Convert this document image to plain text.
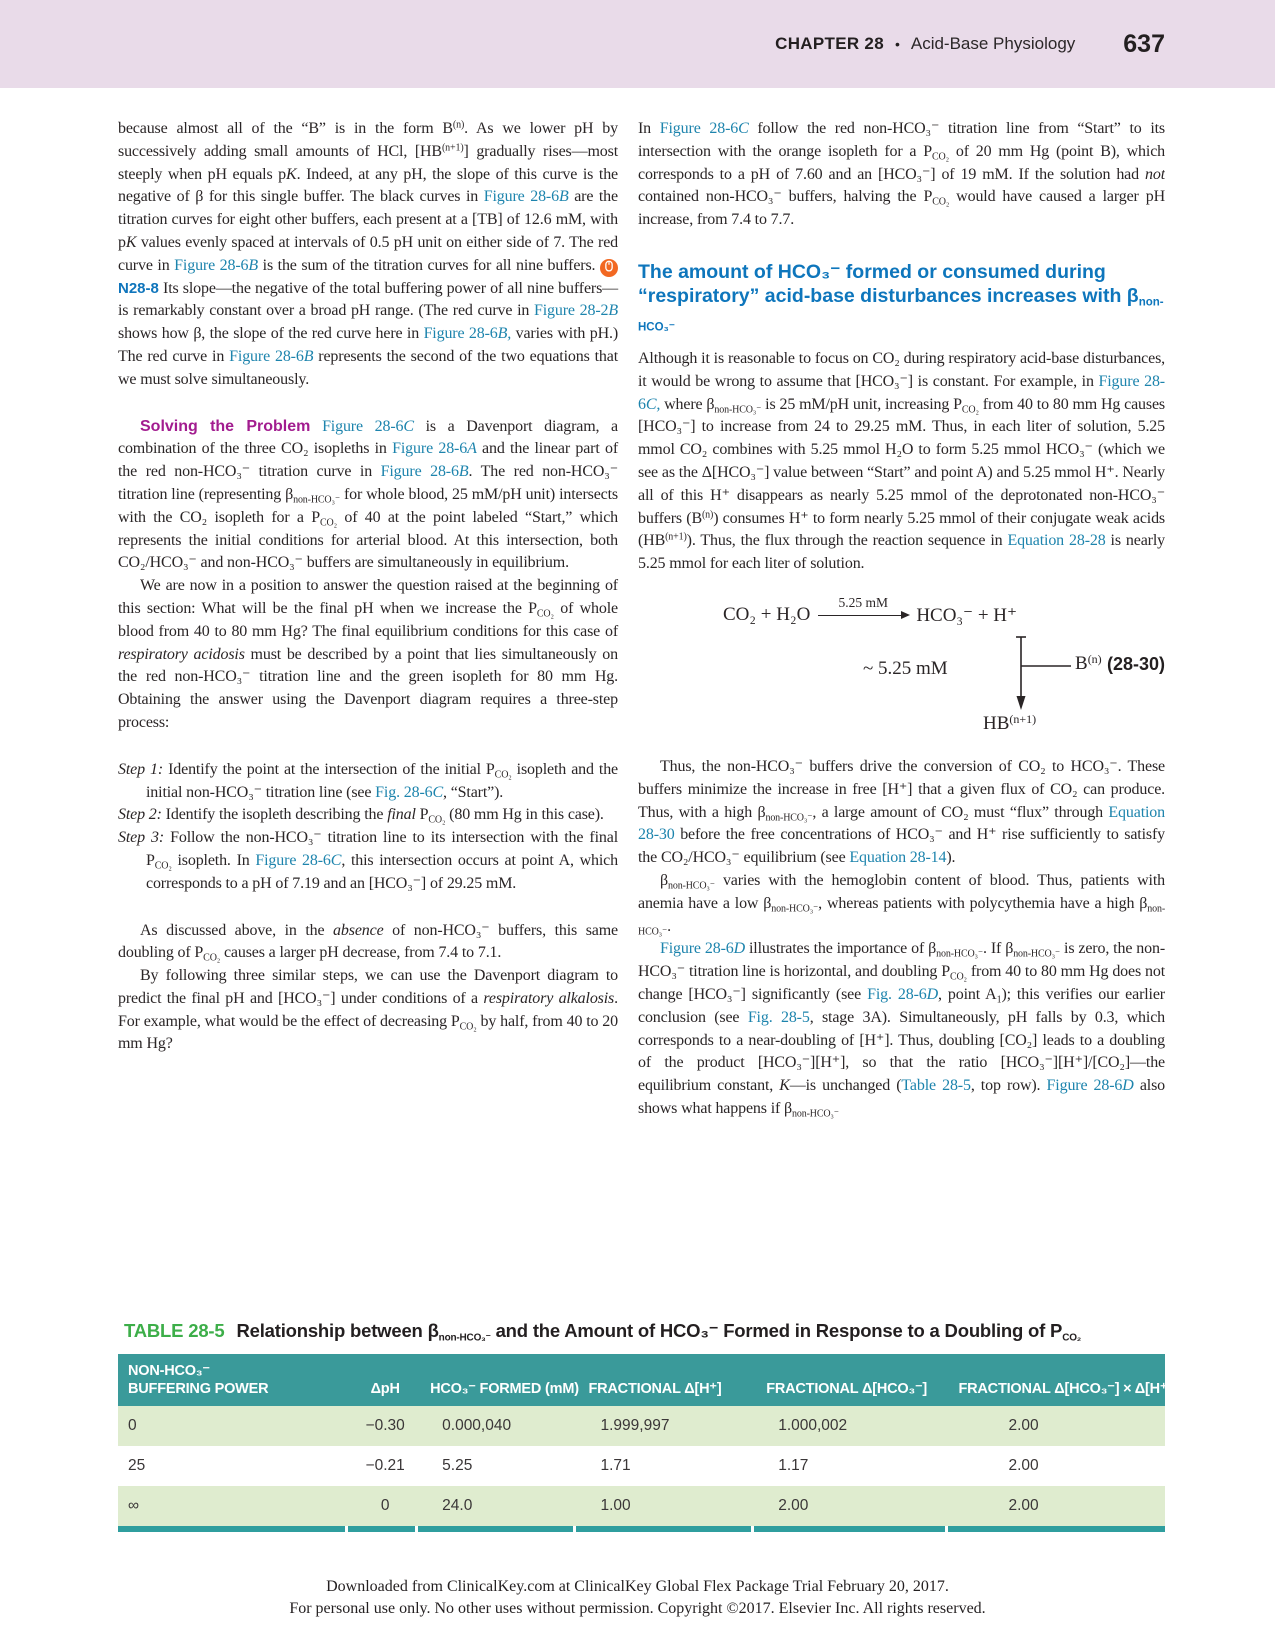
CHAPTER 28 • Acid-Base Physiology 637

because almost all of the “B” is in the form $B^{(n)}$. As we lower pH by successively adding small amounts of HCl, $[HB^{(n+1)}]$ gradually rises—most steeply when pH equals pK. Indeed, at any pH, the slope of this curve is the negative of β for this single buffer. The black curves in Figure 28-6B are the titration curves for eight other buffers, each present at a [TB] of 12.6 mM, with pK values evenly spaced at intervals of 0.5 pH unit on either side of 7. The red curve in Figure 28-6B is the sum of the titration curves for all nine buffers.  N28-8 Its slope—the negative of the total buffering power of all nine buffers—is remarkably constant over a broad pH range. (The red curve in Figure 28-2B shows how β, the slope of the red curve here in Figure 28-6B, varies with pH.) The red curve in Figure 28-6B represents the second of the two equations that we must solve simultaneously.

Solving the Problem Figure 28-6C is a Davenport diagram, a combination of the three CO₂ isopleths in Figure 28-6A and the linear part of the red non-HCO₃⁻ titration curve in Figure 28-6B. The red non-HCO₃⁻ titration line (representing $\beta_{non-HCO_3^-}$ for whole blood, 25 mM/pH unit) intersects with the CO₂ isopleth for a $P_{CO_2}$ of 40 at the point labeled “Start,” which represents the initial conditions for arterial blood. At this intersection, both CO₂/HCO₃⁻ and non-HCO₃⁻ buffers are simultaneously in equilibrium.

We are now in a position to answer the question raised at the beginning of this section: What will be the final pH when we increase the $P_{CO_2}$ of whole blood from 40 to 80 mm Hg? The final equilibrium conditions for this case of respiratory acidosis must be described by a point that lies simultaneously on the red non-HCO₃⁻ titration line and the green isopleth for 80 mm Hg. Obtaining the answer using the Davenport diagram requires a three-step process:

Step 1: Identify the point at the intersection of the initial $P_{CO_2}$ isopleth and the initial non-HCO₃⁻ titration line (see Fig. 28-6C, “Start”).

Step 2: Identify the isopleth describing the final $P_{CO_2}$ (80 mm Hg in this case).

Step 3: Follow the non-HCO₃⁻ titration line to its intersection with the final $P_{CO_2}$ isopleth. In Figure 28-6C, this intersection occurs at point A, which corresponds to a pH of 7.19 and an [HCO₃⁻] of 29.25 mM.

As discussed above, in the absence of non-HCO₃⁻ buffers, this same doubling of $P_{CO_2}$ causes a larger pH decrease, from 7.4 to 7.1.

By following three similar steps, we can use the Davenport diagram to predict the final pH and [HCO₃⁻] under conditions of a respiratory alkalosis. For example, what would be the effect of decreasing $P_{CO_2}$ by half, from 40 to 20 mm Hg?

In Figure 28-6C follow the red non-HCO₃⁻ titration line from “Start” to its intersection with the orange isopleth for a $P_{CO_2}$ of 20 mm Hg (point B), which corresponds to a pH of 7.60 and an [HCO₃⁻] of 19 mM. If the solution had not contained non-HCO₃⁻ buffers, halving the $P_{CO_2}$ would have caused a larger pH increase, from 7.4 to 7.7.

The amount of HCO₃⁻ formed or consumed during “respiratory” acid-base disturbances increases with βnon-HCO₃⁻

Although it is reasonable to focus on CO₂ during respiratory acid-base disturbances, it would be wrong to assume that [HCO₃⁻] is constant. For example, in Figure 28-6C, where $\beta_{non-HCO_3^-}$ is 25 mM/pH unit, increasing $P_{CO_2}$ from 40 to 80 mm Hg causes [HCO₃⁻] to increase from 24 to 29.25 mM. Thus, in each liter of solution, 5.25 mmol CO₂ combines with 5.25 mmol H₂O to form 5.25 mmol HCO₃⁻ (which we see as the Δ[HCO₃⁻] value between “Start” and point A) and 5.25 mmol H⁺. Nearly all of this H⁺ disappears as nearly 5.25 mmol of the deprotonated non-HCO₃⁻ buffers $(B^{(n)})$ consumes H⁺ to form nearly 5.25 mmol of their conjugate weak acids $(HB^{(n+1)})$. Thus, the flux through the reaction sequence in Equation 28-28 is nearly 5.25 mmol for each liter of solution.

CO₂ + H₂O
5.25 mM
HCO₃⁻ + H⁺
~ 5.25 mM	$B^{(n)}$ (28-30)
$HB^{(n+1)}$

Thus, the non-HCO₃⁻ buffers drive the conversion of CO₂ to HCO₃⁻. These buffers minimize the increase in free [H⁺] that a given flux of CO₂ can produce. Thus, with a high $\beta_{non-HCO_3^-}$, a large amount of CO₂ must “flux” through Equation 28-30 before the free concentrations of HCO₃⁻ and H⁺ rise sufficiently to satisfy the CO₂/HCO₃⁻ equilibrium (see Equation 28-14).

$\beta_{non-HCO_3^-}$ varies with the hemoglobin content of blood. Thus, patients with anemia have a low $\beta_{non-HCO_3^-}$, whereas patients with polycythemia have a high $\beta_{non-HCO_3^-}$.

Figure 28-6D illustrates the importance of $\beta_{non-HCO_3^-}$. If $\beta_{non-HCO_3^-}$ is zero, the non-HCO₃⁻ titration line is horizontal, and doubling $P_{CO_2}$ from 40 to 80 mm Hg does not change [HCO₃⁻] significantly (see Fig. 28-6D, point $A_1$); this verifies our earlier conclusion (see Fig. 28-5, stage 3A). Simultaneously, pH falls by 0.3, which corresponds to a near-doubling of [H⁺]. Thus, doubling [CO₂] leads to a doubling of the product [HCO₃⁻][H⁺], so that the ratio [HCO₃⁻][H⁺]/[CO₂]—the equilibrium constant, K—is unchanged (Table 28-5, top row). Figure 28-6D also shows what happens if $\beta_{non-HCO_3^-}$

TABLE 28-5 Relationship between βnon-HCO₃⁻ and the Amount of HCO₃⁻ Formed in Response to a Doubling of PCO₂
NON-HCO₃⁻
BUFFERING POWER	ΔpH	HCO₃⁻ FORMED (mM)	FRACTIONAL Δ[H⁺]	FRACTIONAL Δ[HCO₃⁻]	FRACTIONAL Δ[HCO₃⁻] × Δ[H⁺]
0	−0.30	0.000,040	1.999,997	1.000,002	2.00
25	−0.21	5.25	1.71	1.17	2.00
∞	0	24.0	1.00	2.00	2.00
Downloaded from ClinicalKey.com at ClinicalKey Global Flex Package Trial February 20, 2017.
For personal use only. No other uses without permission. Copyright ©2017. Elsevier Inc. All rights reserved.
